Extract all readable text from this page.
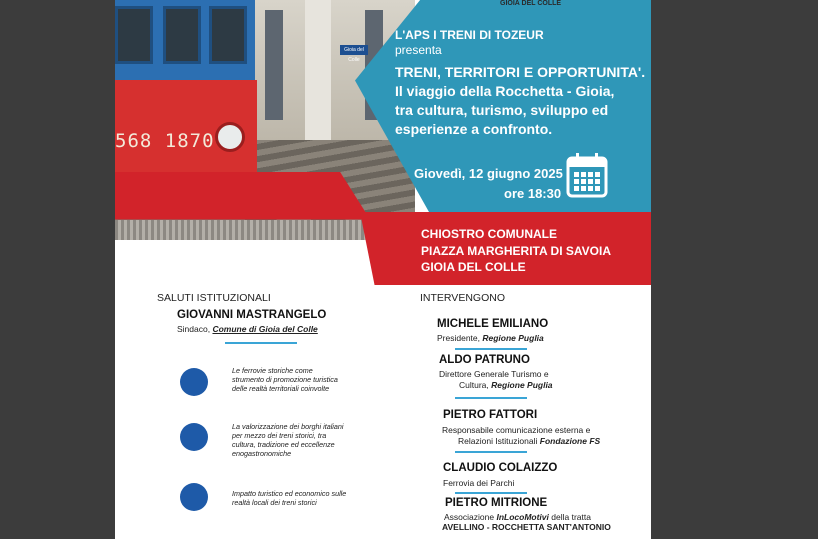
Gioia del Colle
568 1870
GIOIA DEL COLLE
L'APS I TRENI DI TOZEUR
presenta
TRENI, TERRITORI E OPPORTUNITA'.
Il viaggio della Rocchetta - Gioia,
tra cultura, turismo, sviluppo ed
esperienze a confronto.
Giovedì, 12 giugno 2025
ore 18:30
CHIOSTRO COMUNALE
PIAZZA MARGHERITA DI SAVOIA
GIOIA DEL COLLE
SALUTI ISTITUZIONALI
GIOVANNI MASTRANGELO
Sindaco, Comune di Gioia del Colle
Le ferrovie storiche come
strumento di promozione turistica
delle realtà territoriali coinvolte
La valorizzazione dei borghi italiani
per mezzo dei treni storici, tra
cultura, tradizione ed eccellenze
enogastronomiche
Impatto turistico ed economico sulle
realtà locali dei treni storici
INTERVENGONO
MICHELE EMILIANO
Presidente, Regione Puglia
ALDO PATRUNO
Direttore Generale Turismo e
Cultura, Regione Puglia
PIETRO FATTORI
Responsabile comunicazione esterna e
Relazioni Istituzionali Fondazione FS
CLAUDIO COLAIZZO
Ferrovia dei Parchi
PIETRO MITRIONE
Associazione InLocoMotivi della tratta
AVELLINO - ROCCHETTA SANT'ANTONIO
